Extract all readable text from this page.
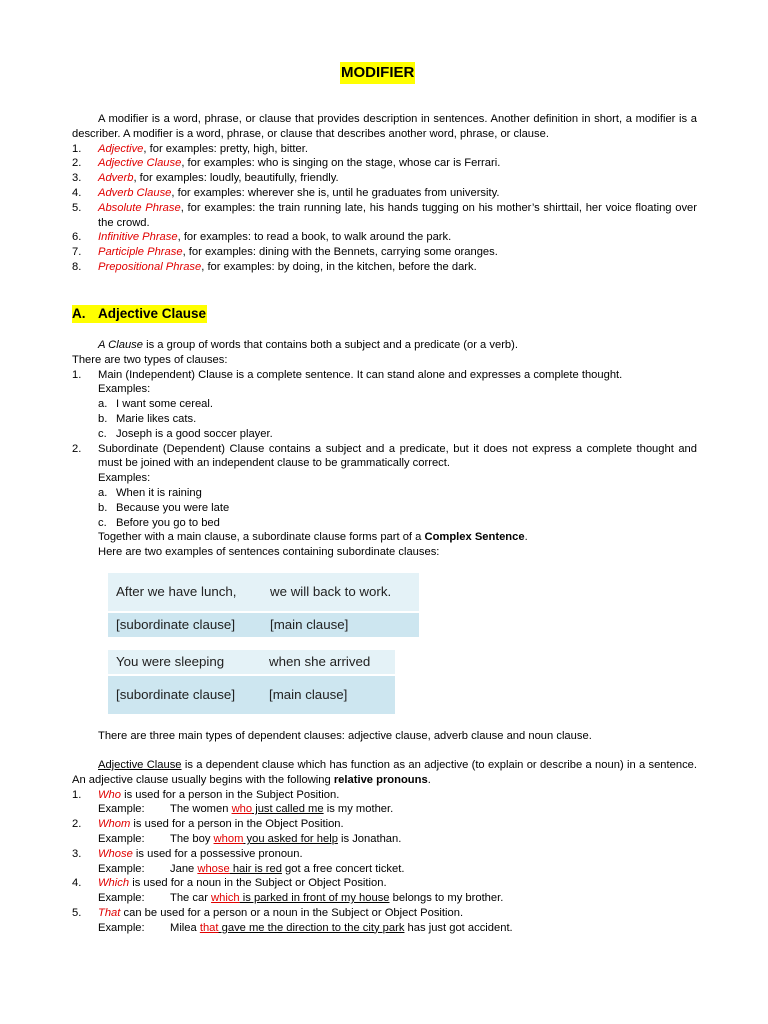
MODIFIER

A modifier is a word, phrase, or clause that provides description in sentences. Another definition in short, a modifier is a describer. A modifier is a word, phrase, or clause that describes another word, phrase, or clause.

1.	Adjective, for examples: pretty, high, bitter.
2.	Adjective Clause, for examples: who is singing on the stage, whose car is Ferrari.
3.	Adverb, for examples: loudly, beautifully, friendly.
4.	Adverb Clause, for examples: wherever she is, until he graduates from university.
5.	Absolute Phrase, for examples: the train running late, his hands tugging on his mother’s shirttail, her voice floating over the crowd.
6.	Infinitive Phrase, for examples: to read a book, to walk around the park.
7.	Participle Phrase, for examples: dining with the Bennets, carrying some oranges.
8.	Prepositional Phrase, for examples: by doing, in the kitchen, before the dark.
A. Adjective Clause
A Clause is a group of words that contains both a subject and a predicate (or a verb).
There are two types of clauses:
1.	Main (Independent) Clause is a complete sentence. It can stand alone and expresses a complete thought.
Examples:
a. I want some cereal.
b. Marie likes cats.
c. Joseph is a good soccer player.
2.	Subordinate (Dependent) Clause contains a subject and a predicate, but it does not express a complete thought and must be joined with an independent clause to be grammatically correct.
Examples:
a. When it is raining
b. Because you were late
c. Before you go to bed
Together with a main clause, a subordinate clause forms part of a Complex Sentence.
Here are two examples of sentences containing subordinate clauses:
After we have lunch,	we will back to work.
[subordinate clause]	[main clause]
You were sleeping	when she arrived
[subordinate clause]	[main clause]
There are three main types of dependent clauses: adjective clause, adverb clause and noun clause.

Adjective Clause is a dependent clause which has function as an adjective (to explain or describe a noun) in a sentence. An adjective clause usually begins with the following relative pronouns.

1.	Who is used for a person in the Subject Position.
Example:	The women who just called me is my mother.
2.	Whom is used for a person in the Object Position.
Example:	The boy whom you asked for help is Jonathan.
3.	Whose is used for a possessive pronoun.
Example:	Jane whose hair is red got a free concert ticket.
4.	Which is used for a noun in the Subject or Object Position.
Example:	The car which is parked in front of my house belongs to my brother.
5.	That can be used for a person or a noun in the Subject or Object Position.
Example:	Milea that gave me the direction to the city park has just got accident.
